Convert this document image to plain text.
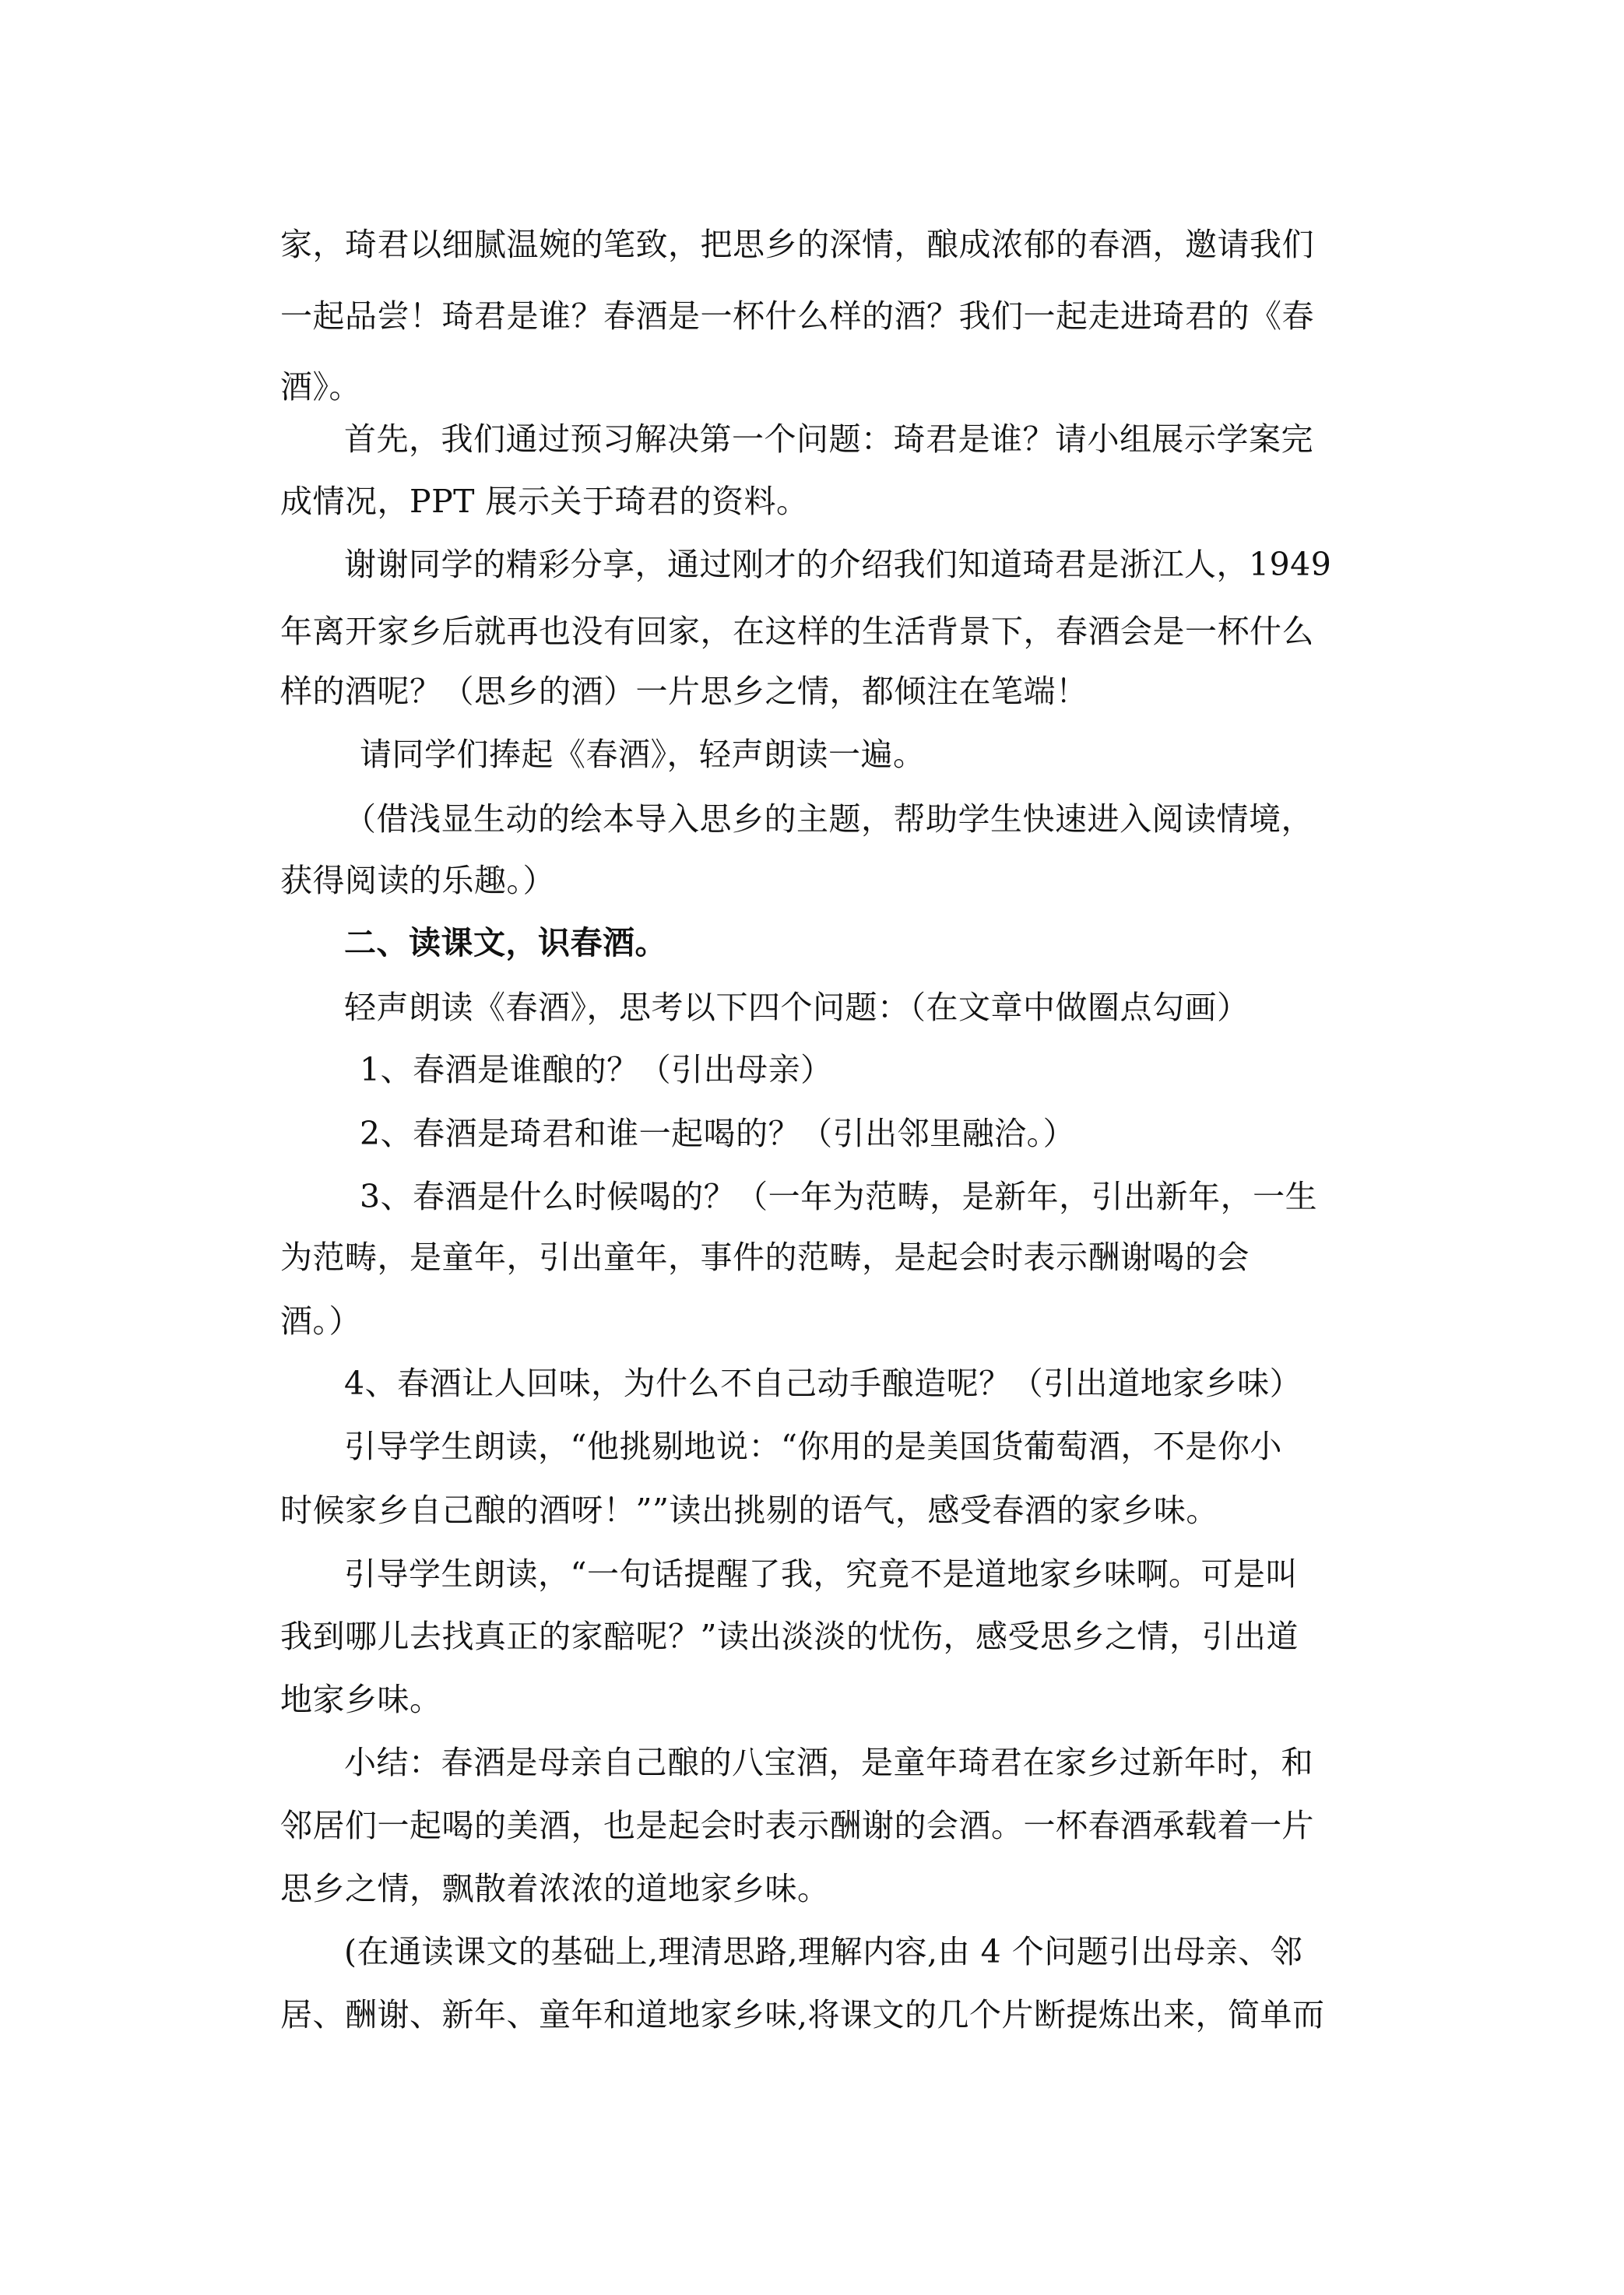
家，琦君以细腻温婉的笔致，把思乡的深情，酿成浓郁的春酒，邀请我们
一起品尝！琦君是谁？春酒是一杯什么样的酒？我们一起走进琦君的《春
酒》。
首先，我们通过预习解决第一个问题：琦君是谁？请小组展示学案完
成情况，PPT 展示关于琦君的资料。
谢谢同学的精彩分享，通过刚才的介绍我们知道琦君是浙江人，1949
年离开家乡后就再也没有回家，在这样的生活背景下，春酒会是一杯什么
样的酒呢？（思乡的酒）一片思乡之情，都倾注在笔端！
请同学们捧起《春酒》，轻声朗读一遍。
（借浅显生动的绘本导入思乡的主题，帮助学生快速进入阅读情境，
获得阅读的乐趣。）
二、读课文，识春酒。
轻声朗读《春酒》，思考以下四个问题：（在文章中做圈点勾画）
1、春酒是谁酿的？（引出母亲）
2、春酒是琦君和谁一起喝的？（引出邻里融洽。）
3、春酒是什么时候喝的？（一年为范畴，是新年，引出新年，一生
为范畴，是童年，引出童年，事件的范畴，是起会时表示酬谢喝的会
酒。）
4、春酒让人回味，为什么不自己动手酿造呢？（引出道地家乡味）
引导学生朗读，“他挑剔地说：“你用的是美国货葡萄酒，不是你小
时候家乡自己酿的酒呀！””读出挑剔的语气，感受春酒的家乡味。
引导学生朗读，“一句话提醒了我，究竟不是道地家乡味啊。可是叫
我到哪儿去找真正的家醅呢？”读出淡淡的忧伤，感受思乡之情，引出道
地家乡味。
小结：春酒是母亲自己酿的八宝酒，是童年琦君在家乡过新年时，和
邻居们一起喝的美酒，也是起会时表示酬谢的会酒。一杯春酒承载着一片
思乡之情，飘散着浓浓的道地家乡味。
(在通读课文的基础上,理清思路,理解内容,由 4 个问题引出母亲、邻
居、酬谢、新年、童年和道地家乡味,将课文的几个片断提炼出来，简单而
